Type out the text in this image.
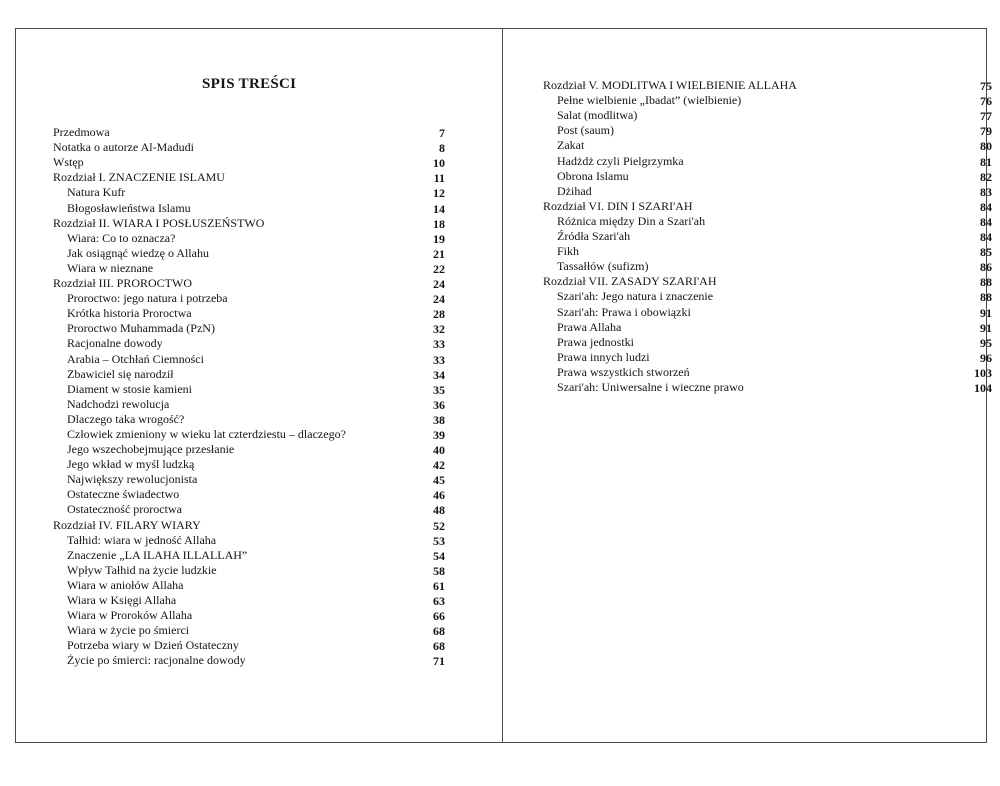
SPIS TREŚCI
Przedmowa	7
Notatka o autorze Al-Madudi	8
Wstęp	10
Rozdział I. ZNACZENIE ISLAMU	11
Natura Kufr	12
Błogosławieństwa Islamu	14
Rozdział II. WIARA I POSŁUSZEŃSTWO	18
Wiara: Co to oznacza?	19
Jak osiągnąć wiedzę o Allahu	21
Wiara w nieznane	22
Rozdział III. PROROCTWO	24
Proroctwo: jego natura i potrzeba	24
Krótka historia Proroctwa	28
Proroctwo Muhammada (PzN)	32
Racjonalne dowody	33
Arabia – Otchłań Ciemności	33
Zbawiciel się narodził	34
Diament w stosie kamieni	35
Nadchodzi rewolucja	36
Dlaczego taka wrogość?	38
Człowiek zmieniony w wieku lat czterdziestu – dlaczego?	39
Jego wszechobejmujące przesłanie	40
Jego wkład w myśl ludzką	42
Największy rewolucjonista	45
Ostateczne świadectwo	46
Ostateczność proroctwa	48
Rozdział IV. FILARY WIARY	52
Tałhid: wiara w jedność Allaha	53
Znaczenie „LA ILAHA ILLALLAH”	54
Wpływ Tałhid na życie ludzkie	58
Wiara w aniołów Allaha	61
Wiara w Księgi Allaha	63
Wiara w Proroków Allaha	66
Wiara w życie po śmierci	68
Potrzeba wiary w Dzień Ostateczny	68
Życie po śmierci: racjonalne dowody	71
Rozdział V. MODLITWA I WIELBIENIE ALLAHA	75
Pełne wielbienie „Ibadat” (wielbienie)	76
Salat (modlitwa)	77
Post (saum)	79
Zakat	80
Hadżdż czyli Pielgrzymka	81
Obrona Islamu	82
Dżihad	83
Rozdział VI. DIN I SZARI'AH	84
Różnica między Din a Szari'ah	84
Źródła Szari'ah	84
Fikh	85
Tassałłów (sufizm)	86
Rozdział VII. ZASADY SZARI'AH	88
Szari'ah: Jego natura i znaczenie	88
Szari'ah: Prawa i obowiązki	91
Prawa Allaha	91
Prawa jednostki	95
Prawa innych ludzi	96
Prawa wszystkich stworzeń	103
Szari'ah: Uniwersalne i wieczne prawo	104
